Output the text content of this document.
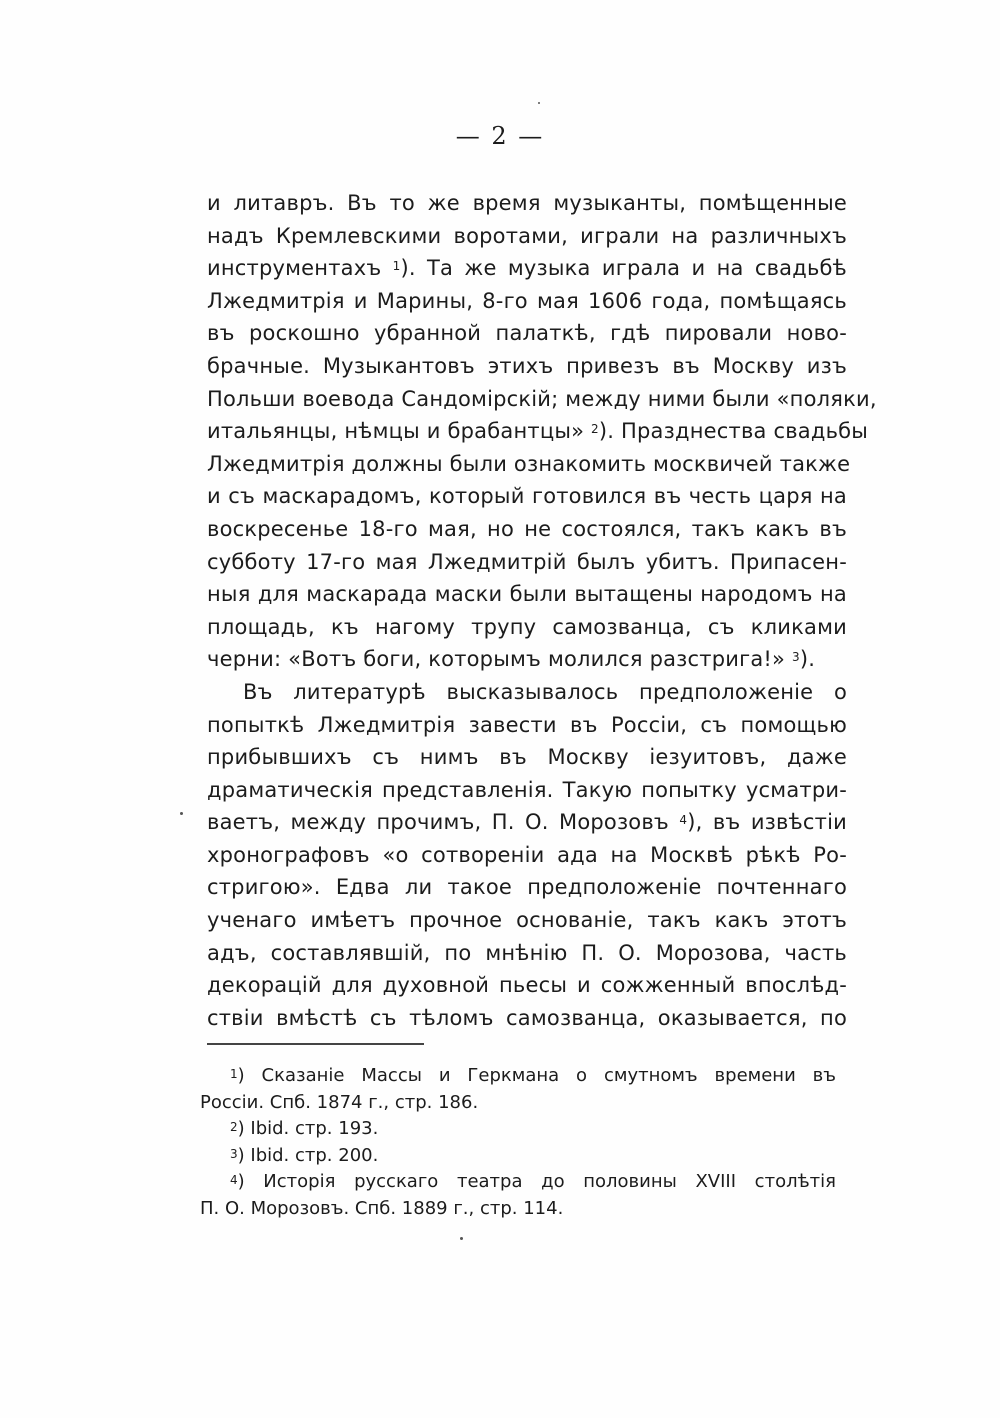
— 2 —
и литавръ. Въ то же время музыканты, помѣщенные
надъ Кремлевскими воротами, играли на различныхъ
инструментахъ $^1$). Та же музыка играла и на свадьбѣ
Лжедмитрія и Марины, 8-го мая 1606 года, помѣщаясь
въ роскошно убранной палаткѣ, гдѣ пировали ново-
брачные. Музыкантовъ этихъ привезъ въ Москву изъ
Польши воевода Сандомірскій; между ними были «поляки,
итальянцы, нѣмцы и брабантцы» $^2$). Празднества свадьбы
Лжедмитрія должны были ознакомить москвичей также
и съ маскарадомъ, который готовился въ честь царя на
воскресенье 18-го мая, но не состоялся, такъ какъ въ
субботу 17-го мая Лжедмитрій былъ убитъ. Припасен-
ныя для маскарада маски были вытащены народомъ на
площадь, къ нагому трупу самозванца, съ кликами
черни: «Вотъ боги, которымъ молился разстрига!» $^3$).
Въ литературѣ высказывалось предположеніе о
попыткѣ Лжедмитрія завести въ Россіи, съ помощью
прибывшихъ съ нимъ въ Москву іезуитовъ, даже
драматическія представленія. Такую попытку усматри-
ваетъ, между прочимъ, П. О. Морозовъ $^4$), въ извѣстіи
хронографовъ «о сотвореніи ада на Москвѣ рѣкѣ Ро-
стригою». Едва ли такое предположеніе почтеннаго
ученаго имѣетъ прочное основаніе, такъ какъ этотъ
адъ, составлявшій, по мнѣнію П. О. Морозова, часть
декорацій для духовной пьесы и сожженный впослѣд-
ствіи вмѣстѣ съ тѣломъ самозванца, оказывается, по
$^1$) Сказаніе Массы и Геркмана о смутномъ времени въ
Россіи. Спб. 1874 г., стр. 186.
$^2$) Ibid. стр. 193.
$^3$) Ibid. стр. 200.
$^4$) Исторія русскаго театра до половины XVIII столѣтія
П. О. Морозовъ. Спб. 1889 г., стр. 114.
